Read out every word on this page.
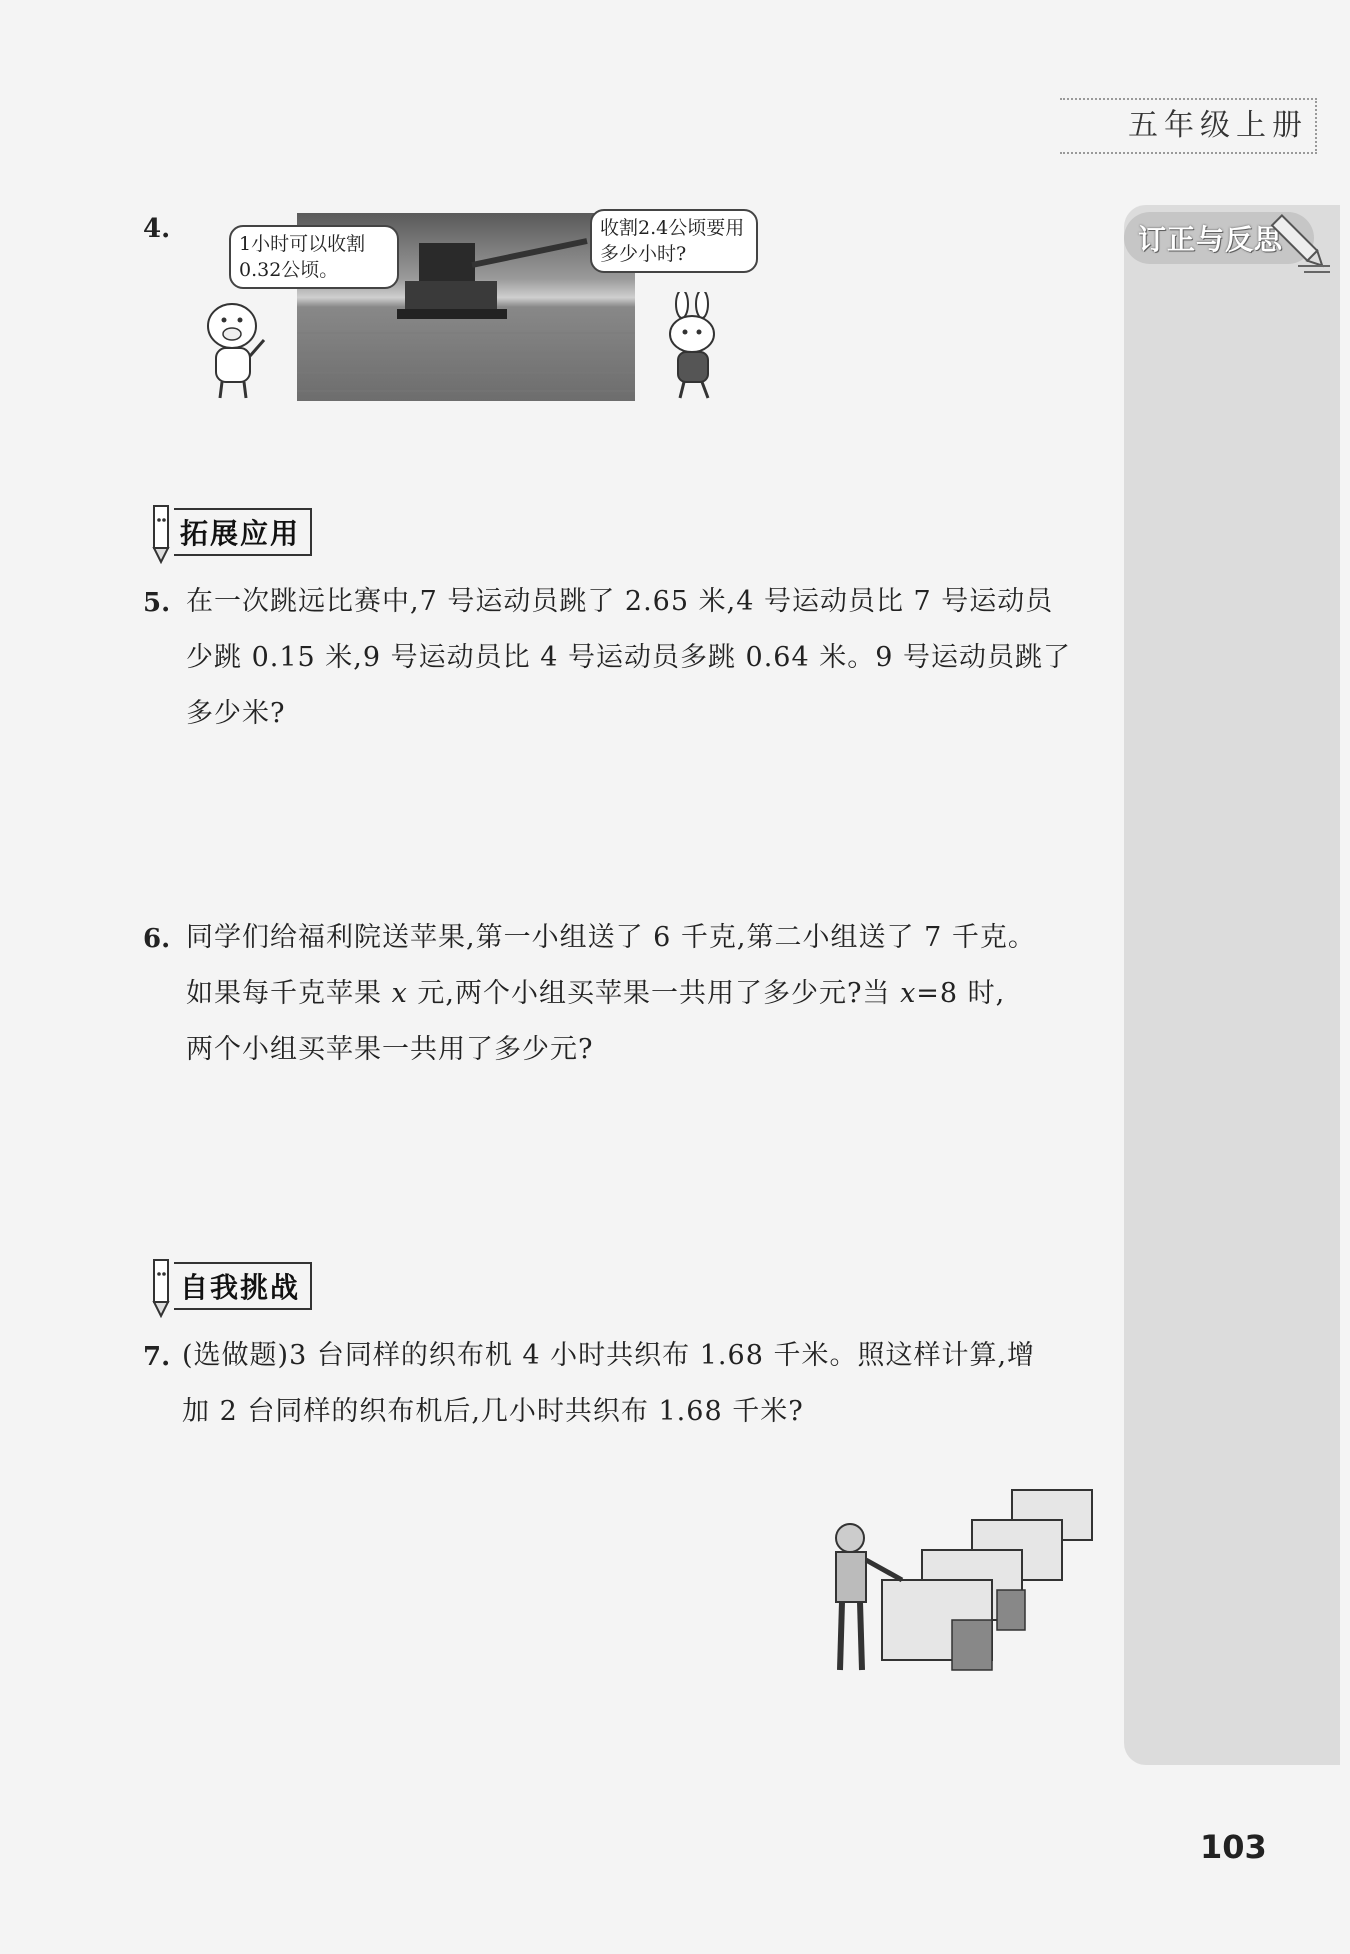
五年级上册
订正与反思
4.	1小时可以收割0.32公顷。
收割2.4公顷要用多少小时?
拓展应用
5. 在一次跳远比赛中,7 号运动员跳了 2.65 米,4 号运动员比 7 号运动员
少跳 0.15 米,9 号运动员比 4 号运动员多跳 0.64 米。9 号运动员跳了
多少米?
6. 同学们给福利院送苹果,第一小组送了 6 千克,第二小组送了 7 千克。
如果每千克苹果 x 元,两个小组买苹果一共用了多少元?当 x=8 时,
两个小组买苹果一共用了多少元?
自我挑战
7. (选做题)3 台同样的织布机 4 小时共织布 1.68 千米。照这样计算,增
加 2 台同样的织布机后,几小时共织布 1.68 千米?
103
